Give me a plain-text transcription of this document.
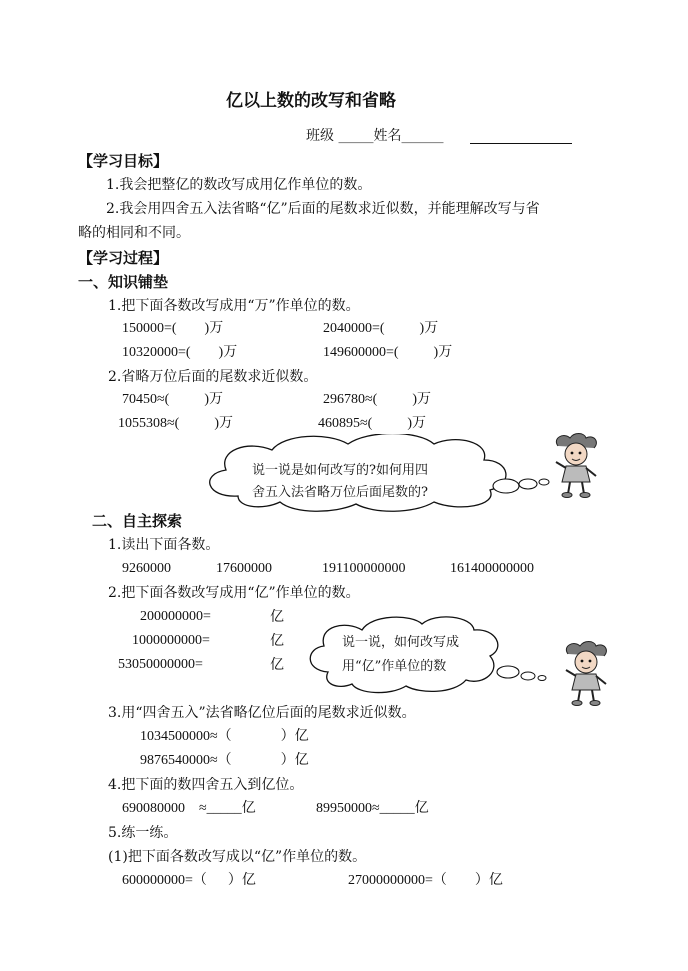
亿以上数的改写和省略
班级 _____姓名______
【学习目标】
1.我会把整亿的数改写成用亿作单位的数。
2.我会用四舍五入法省略“亿”后面的尾数求近似数，并能理解改写与省
略的相同和不同。
【学习过程】
一、知识铺垫
1.把下面各数改写成用“万”作单位的数。
150000=(        )万	2040000=(          )万
10320000=(        )万	149600000=(          )万
2.省略万位后面的尾数求近似数。
70450≈(          )万	296780≈(          )万
1055308≈(          )万	460895≈(          )万
说一说是如何改写的?如何用四
舍五入法省略万位后面尾数的?
二、自主探索
1.读出下面各数。
9260000	17600000	191100000000	161400000000
2.把下面各数改写成用“亿”作单位的数。
200000000=	亿
1000000000=	亿
53050000000=	亿
说一说，如何改写成
用“亿”作单位的数
3.用“四舍五入”法省略亿位后面的尾数求近似数。
1034500000≈（              ）亿
9876540000≈（              ）亿
4.把下面的数四舍五入到亿位。
690080000    ≈_____亿	89950000≈_____亿
5.练一练。
(1)把下面各数改写成以“亿”作单位的数。
600000000=（      ）亿	27000000000=（        ）亿
